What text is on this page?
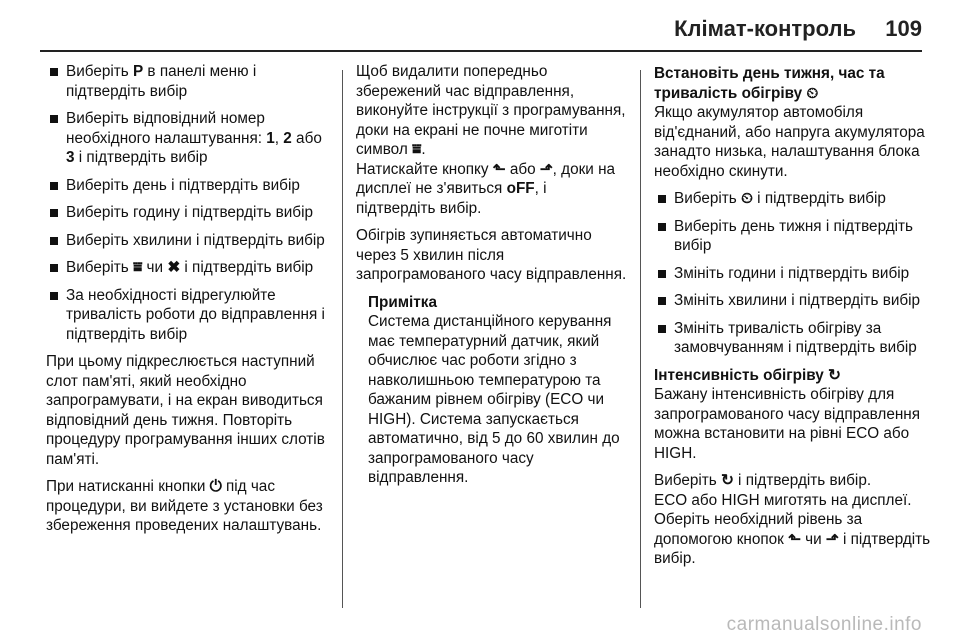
Клімат-контроль 109
Виберіть P в панелі меню і підтвердіть вибір
Виберіть відповідний номер необхідного налаштування: 1, 2 або 3 і підтвердіть вибір
Виберіть день і підтвердіть вибір
Виберіть годину і підтвердіть вибір
Виберіть хвилини і підтвердіть вибір
Виберіть ⩸ чи ✖ і підтвердіть вибір
За необхідності відрегулюйте тривалість роботи до відправлення і підтвердіть вибір

При цьому підкреслюється наступний слот пам'яті, який необхідно запрограмувати, і на екран виводиться відповідний день тижня. Повторіть процедуру програмування інших слотів пам'яті.

При натисканні кнопки ⏻ під час процедури, ви вийдете з установки без збереження проведених налаштувань.

Щоб видалити попередньо збережений час відправлення, виконуйте інструкції з програмування, доки на екрані не почне миготіти символ ⩸.

Натискайте кнопку ⬑ або ⬏, доки на дисплеї не з'явиться oFF, і підтвердіть вибір.

Обігрів зупиняється автоматично через 5 хвилин після запрограмованого часу відправлення.

Примітка
Система дистанційного керування має температурний датчик, який обчислює час роботи згідно з навколишньою температурою та бажаним рівнем обігріву (ECO чи HIGH). Система запускається автоматично, від 5 до 60 хвилин до запрограмованого часу відправлення.
Встановіть день тижня, час та тривалість обігріву ⏲

Якщо акумулятор автомобіля від'єднаний, або напруга акумулятора занадто низька, налаштування блока необхідно скинути.

Виберіть ⏲ і підтвердіть вибір
Виберіть день тижня і підтвердіть вибір
Змініть години і підтвердіть вибір
Змініть хвилини і підтвердіть вибір
Змініть тривалість обігріву за замовчуванням і підтвердіть вибір
Інтенсивність обігріву ↻

Бажану інтенсивність обігріву для запрограмованого часу відправлення можна встановити на рівні ECO або HIGH.

Виберіть ↻ і підтвердіть вибір.

ECO або HIGH миготять на дисплеї. Оберіть необхідний рівень за допомогою кнопок ⬑ чи ⬏ і підтвердіть вибір.

carmanualsonline.info
